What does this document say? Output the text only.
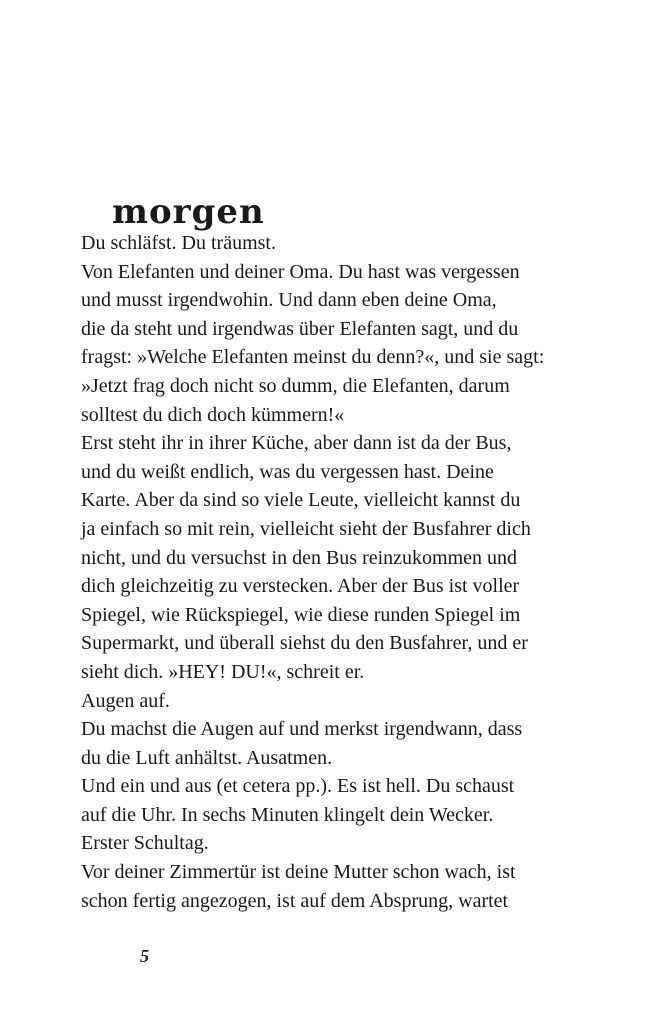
morgen
Du schläfst. Du träumst.
Von Elefanten und deiner Oma. Du hast was vergessen
und musst irgendwohin. Und dann eben deine Oma,
die da steht und irgendwas über Elefanten sagt, und du
fragst: »Welche Elefanten meinst du denn?«, und sie sagt:
»Jetzt frag doch nicht so dumm, die Elefanten, darum
solltest du dich doch kümmern!«
Erst steht ihr in ihrer Küche, aber dann ist da der Bus,
und du weißt endlich, was du vergessen hast. Deine
Karte. Aber da sind so viele Leute, vielleicht kannst du
ja einfach so mit rein, vielleicht sieht der Busfahrer dich
nicht, und du versuchst in den Bus reinzukommen und
dich gleichzeitig zu verstecken. Aber der Bus ist voller
Spiegel, wie Rückspiegel, wie diese runden Spiegel im
Supermarkt, und überall siehst du den Busfahrer, und er
sieht dich. »HEY! DU!«, schreit er.
Augen auf.
Du machst die Augen auf und merkst irgendwann, dass
du die Luft anhältst. Ausatmen.
Und ein und aus (et cetera pp.). Es ist hell. Du schaust
auf die Uhr. In sechs Minuten klingelt dein Wecker.
Erster Schultag.
Vor deiner Zimmertür ist deine Mutter schon wach, ist
schon fertig angezogen, ist auf dem Absprung, wartet
5
